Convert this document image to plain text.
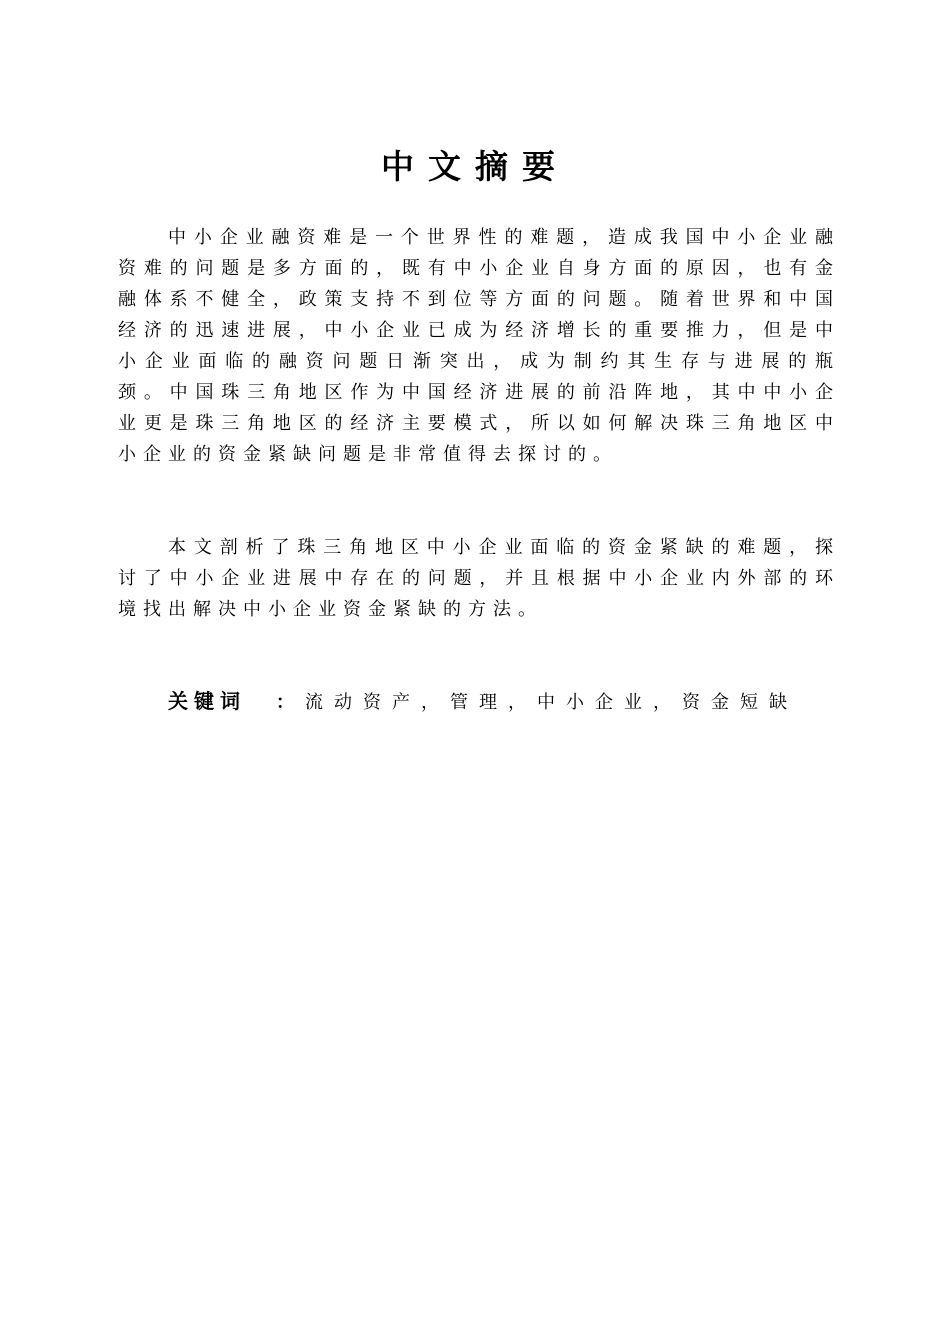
中文摘要

中小企业融资难是一个世界性的难题，造成我国中小企业融资难的问题是多方面的，既有中小企业自身方面的原因，也有金融体系不健全，政策支持不到位等方面的问题。随着世界和中国经济的迅速进展，中小企业已成为经济增长的重要推力，但是中小企业面临的融资问题日渐突出，成为制约其生存与进展的瓶颈。中国珠三角地区作为中国经济进展的前沿阵地，其中中小企业更是珠三角地区的经济主要模式，所以如何解决珠三角地区中小企业的资金紧缺问题是非常值得去探讨的。

本文剖析了珠三角地区中小企业面临的资金紧缺的难题，探讨了中小企业进展中存在的问题，并且根据中小企业内外部的环境找出解决中小企业资金紧缺的方法。

关键词 ： 流动资产，管理，中小企业，资金短缺
